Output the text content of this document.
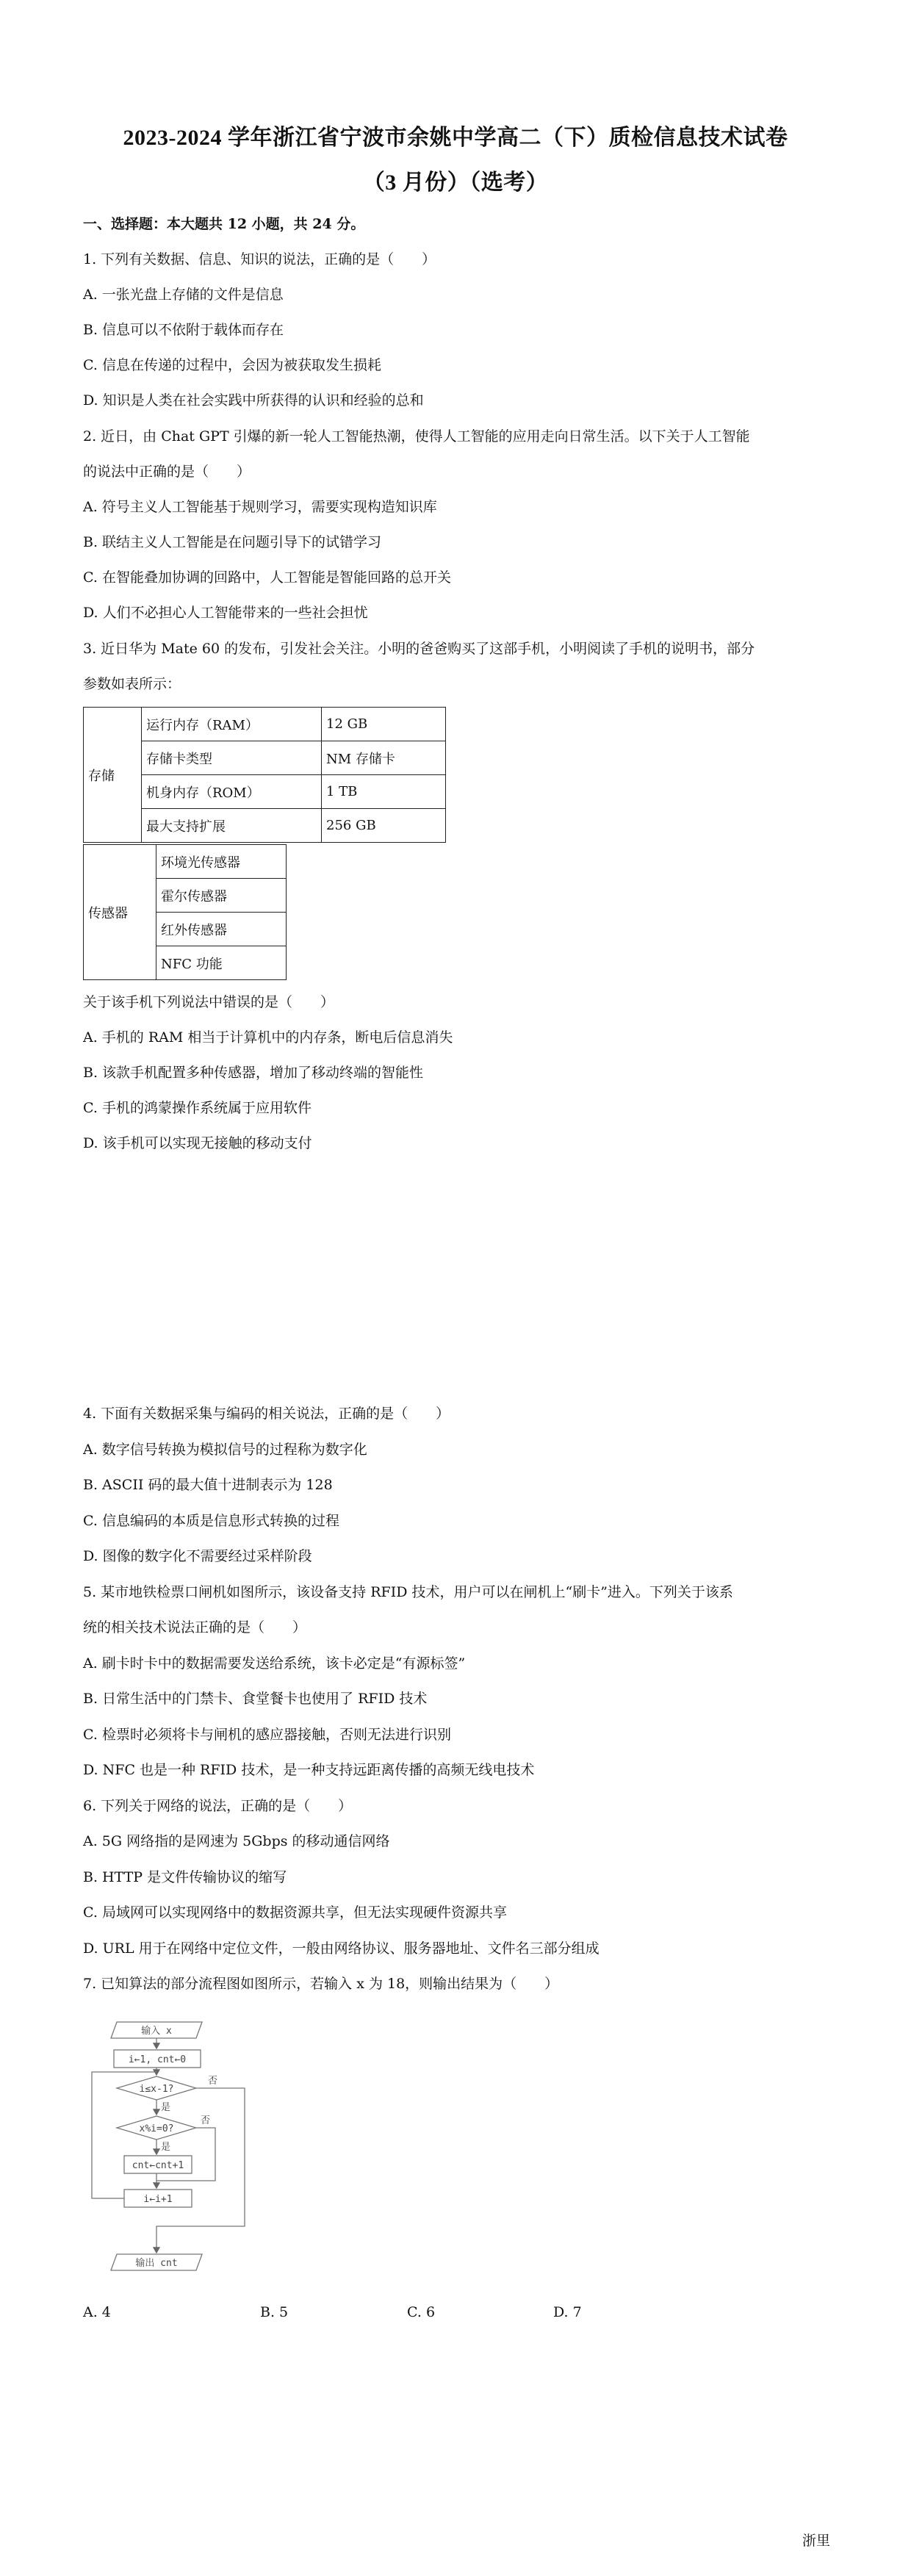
2023-2024 学年浙江省宁波市余姚中学高二（下）质检信息技术试卷
（3 月份）（选考）
一、选择题：本大题共 12 小题，共 24 分。
1. 下列有关数据、信息、知识的说法，正确的是（　　）
A. 一张光盘上存储的文件是信息
B. 信息可以不依附于载体而存在
C. 信息在传递的过程中，会因为被获取发生损耗
D. 知识是人类在社会实践中所获得的认识和经验的总和
2. 近日，由 Chat GPT 引爆的新一轮人工智能热潮，使得人工智能的应用走向日常生活。以下关于人工智能
的说法中正确的是（　　）
A. 符号主义人工智能基于规则学习，需要实现构造知识库
B. 联结主义人工智能是在问题引导下的试错学习
C. 在智能叠加协调的回路中，人工智能是智能回路的总开关
D. 人们不必担心人工智能带来的一些社会担忧
3. 近日华为 Mate 60 的发布，引发社会关注。小明的爸爸购买了这部手机，小明阅读了手机的说明书，部分
参数如表所示：
存储	运行内存（RAM）	12 GB
	存储卡类型	NM 存储卡
	机身内存（ROM）	1 TB
	最大支持扩展	256 GB
传感器	环境光传感器
霍尔传感器
红外传感器
NFC 功能
关于该手机下列说法中错误的是（　　）
A. 手机的 RAM 相当于计算机中的内存条，断电后信息消失
B. 该款手机配置多种传感器，增加了移动终端的智能性
C. 手机的鸿蒙操作系统属于应用软件
D. 该手机可以实现无接触的移动支付
4. 下面有关数据采集与编码的相关说法，正确的是（　　）
A. 数字信号转换为模拟信号的过程称为数字化
B. ASCII 码的最大值十进制表示为 128
C. 信息编码的本质是信息形式转换的过程
D. 图像的数字化不需要经过采样阶段
5. 某市地铁检票口闸机如图所示，该设备支持 RFID 技术，用户可以在闸机上“刷卡”进入。下列关于该系
统的相关技术说法正确的是（　　）
A. 刷卡时卡中的数据需要发送给系统，该卡必定是“有源标签”
B. 日常生活中的门禁卡、食堂餐卡也使用了 RFID 技术
C. 检票时必须将卡与闸机的感应器接触，否则无法进行识别
D. NFC 也是一种 RFID 技术，是一种支持远距离传播的高频无线电技术
6. 下列关于网络的说法，正确的是（　　）
A. 5G 网络指的是网速为 5Gbps 的移动通信网络
B. HTTP 是文件传输协议的缩写
C. 局域网可以实现网络中的数据资源共享，但无法实现硬件资源共享
D. URL 用于在网络中定位文件，一般由网络协议、服务器地址、文件名三部分组成
7. 已知算法的部分流程图如图所示，若输入 x 为 18，则输出结果为（　　）
输入 x
i←1, cnt←0
i≤x-1?
x%i=0?
cnt←cnt+1
i←i+1
输出 cnt
是
是
否
否
A. 4	B. 5	C. 6	D. 7
浙里
